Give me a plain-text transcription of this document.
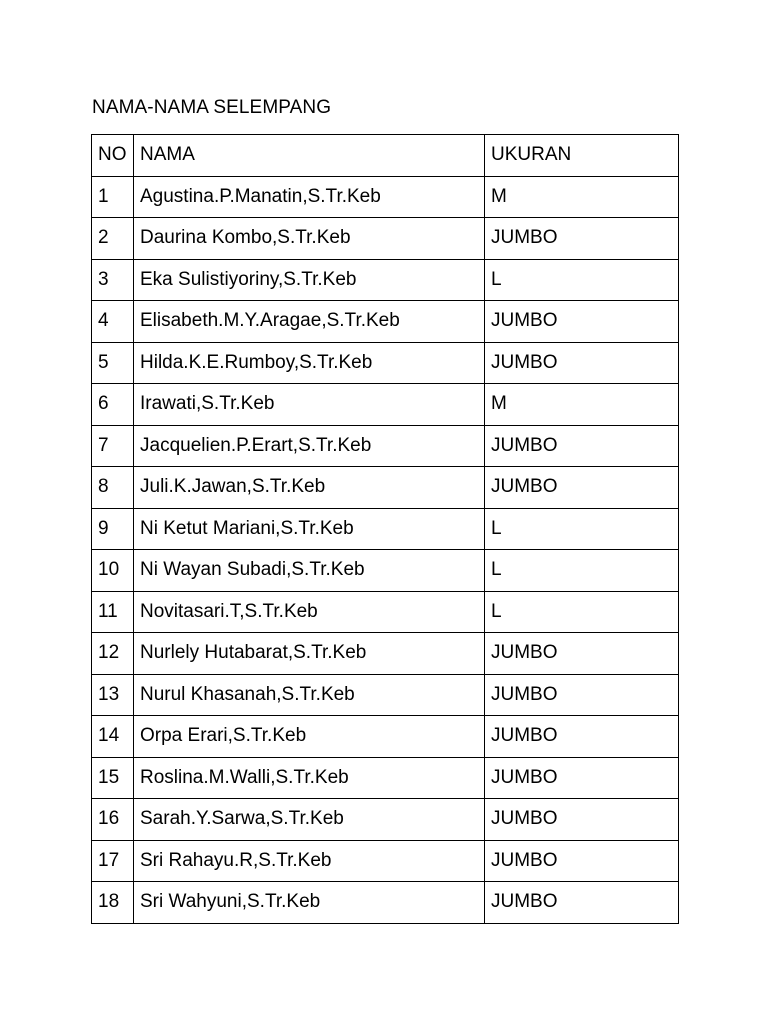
NAMA-NAMA SELEMPANG
NO	NAMA	UKURAN
1	Agustina.P.Manatin,S.Tr.Keb	M
2	Daurina Kombo,S.Tr.Keb	JUMBO
3	Eka Sulistiyoriny,S.Tr.Keb	L
4	Elisabeth.M.Y.Aragae,S.Tr.Keb	JUMBO
5	Hilda.K.E.Rumboy,S.Tr.Keb	JUMBO
6	Irawati,S.Tr.Keb	M
7	Jacquelien.P.Erart,S.Tr.Keb	JUMBO
8	Juli.K.Jawan,S.Tr.Keb	JUMBO
9	Ni Ketut Mariani,S.Tr.Keb	L
10	Ni Wayan Subadi,S.Tr.Keb	L
11	Novitasari.T,S.Tr.Keb	L
12	Nurlely Hutabarat,S.Tr.Keb	JUMBO
13	Nurul Khasanah,S.Tr.Keb	JUMBO
14	Orpa Erari,S.Tr.Keb	JUMBO
15	Roslina.M.Walli,S.Tr.Keb	JUMBO
16	Sarah.Y.Sarwa,S.Tr.Keb	JUMBO
17	Sri Rahayu.R,S.Tr.Keb	JUMBO
18	Sri Wahyuni,S.Tr.Keb	JUMBO
